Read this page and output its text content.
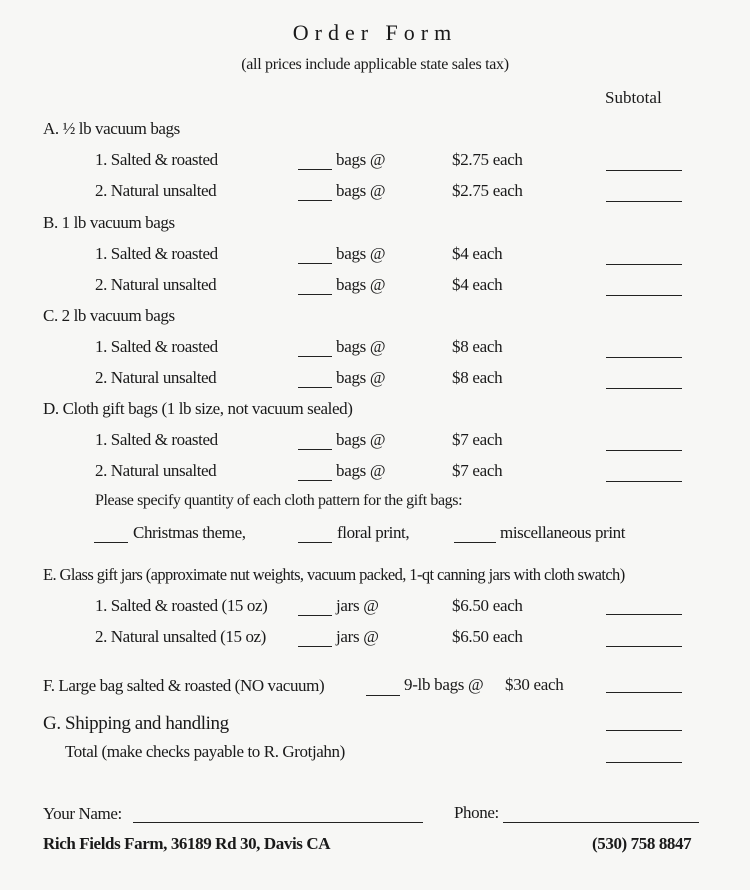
Order Form
(all prices include applicable state sales tax)
Subtotal
A. ½ lb vacuum bags
1. Salted & roasted	bags @	$2.75 each
2. Natural unsalted	bags @	$2.75 each
B. 1 lb vacuum bags
1. Salted & roasted	bags @	$4 each
2. Natural unsalted	bags @	$4 each
C. 2 lb vacuum bags
1. Salted & roasted	bags @	$8 each
2. Natural unsalted	bags @	$8 each
D. Cloth gift bags (1 lb size, not vacuum sealed)
1. Salted & roasted	bags @	$7 each
2. Natural unsalted	bags @	$7 each
Please specify quantity of each cloth pattern for the gift bags:
Christmas theme,	floral print,	miscellaneous print
E. Glass gift jars (approximate nut weights, vacuum packed, 1-qt canning jars with cloth swatch)
1. Salted & roasted (15 oz)	jars @	$6.50 each
2. Natural unsalted (15 oz)	jars @	$6.50 each
F. Large bag salted & roasted (NO vacuum)	9-lb bags @ $30 each
G. Shipping and handling
Total (make checks payable to R. Grotjahn)
Your Name:	Phone:
Rich Fields Farm, 36189 Rd 30, Davis CA	(530) 758 8847
